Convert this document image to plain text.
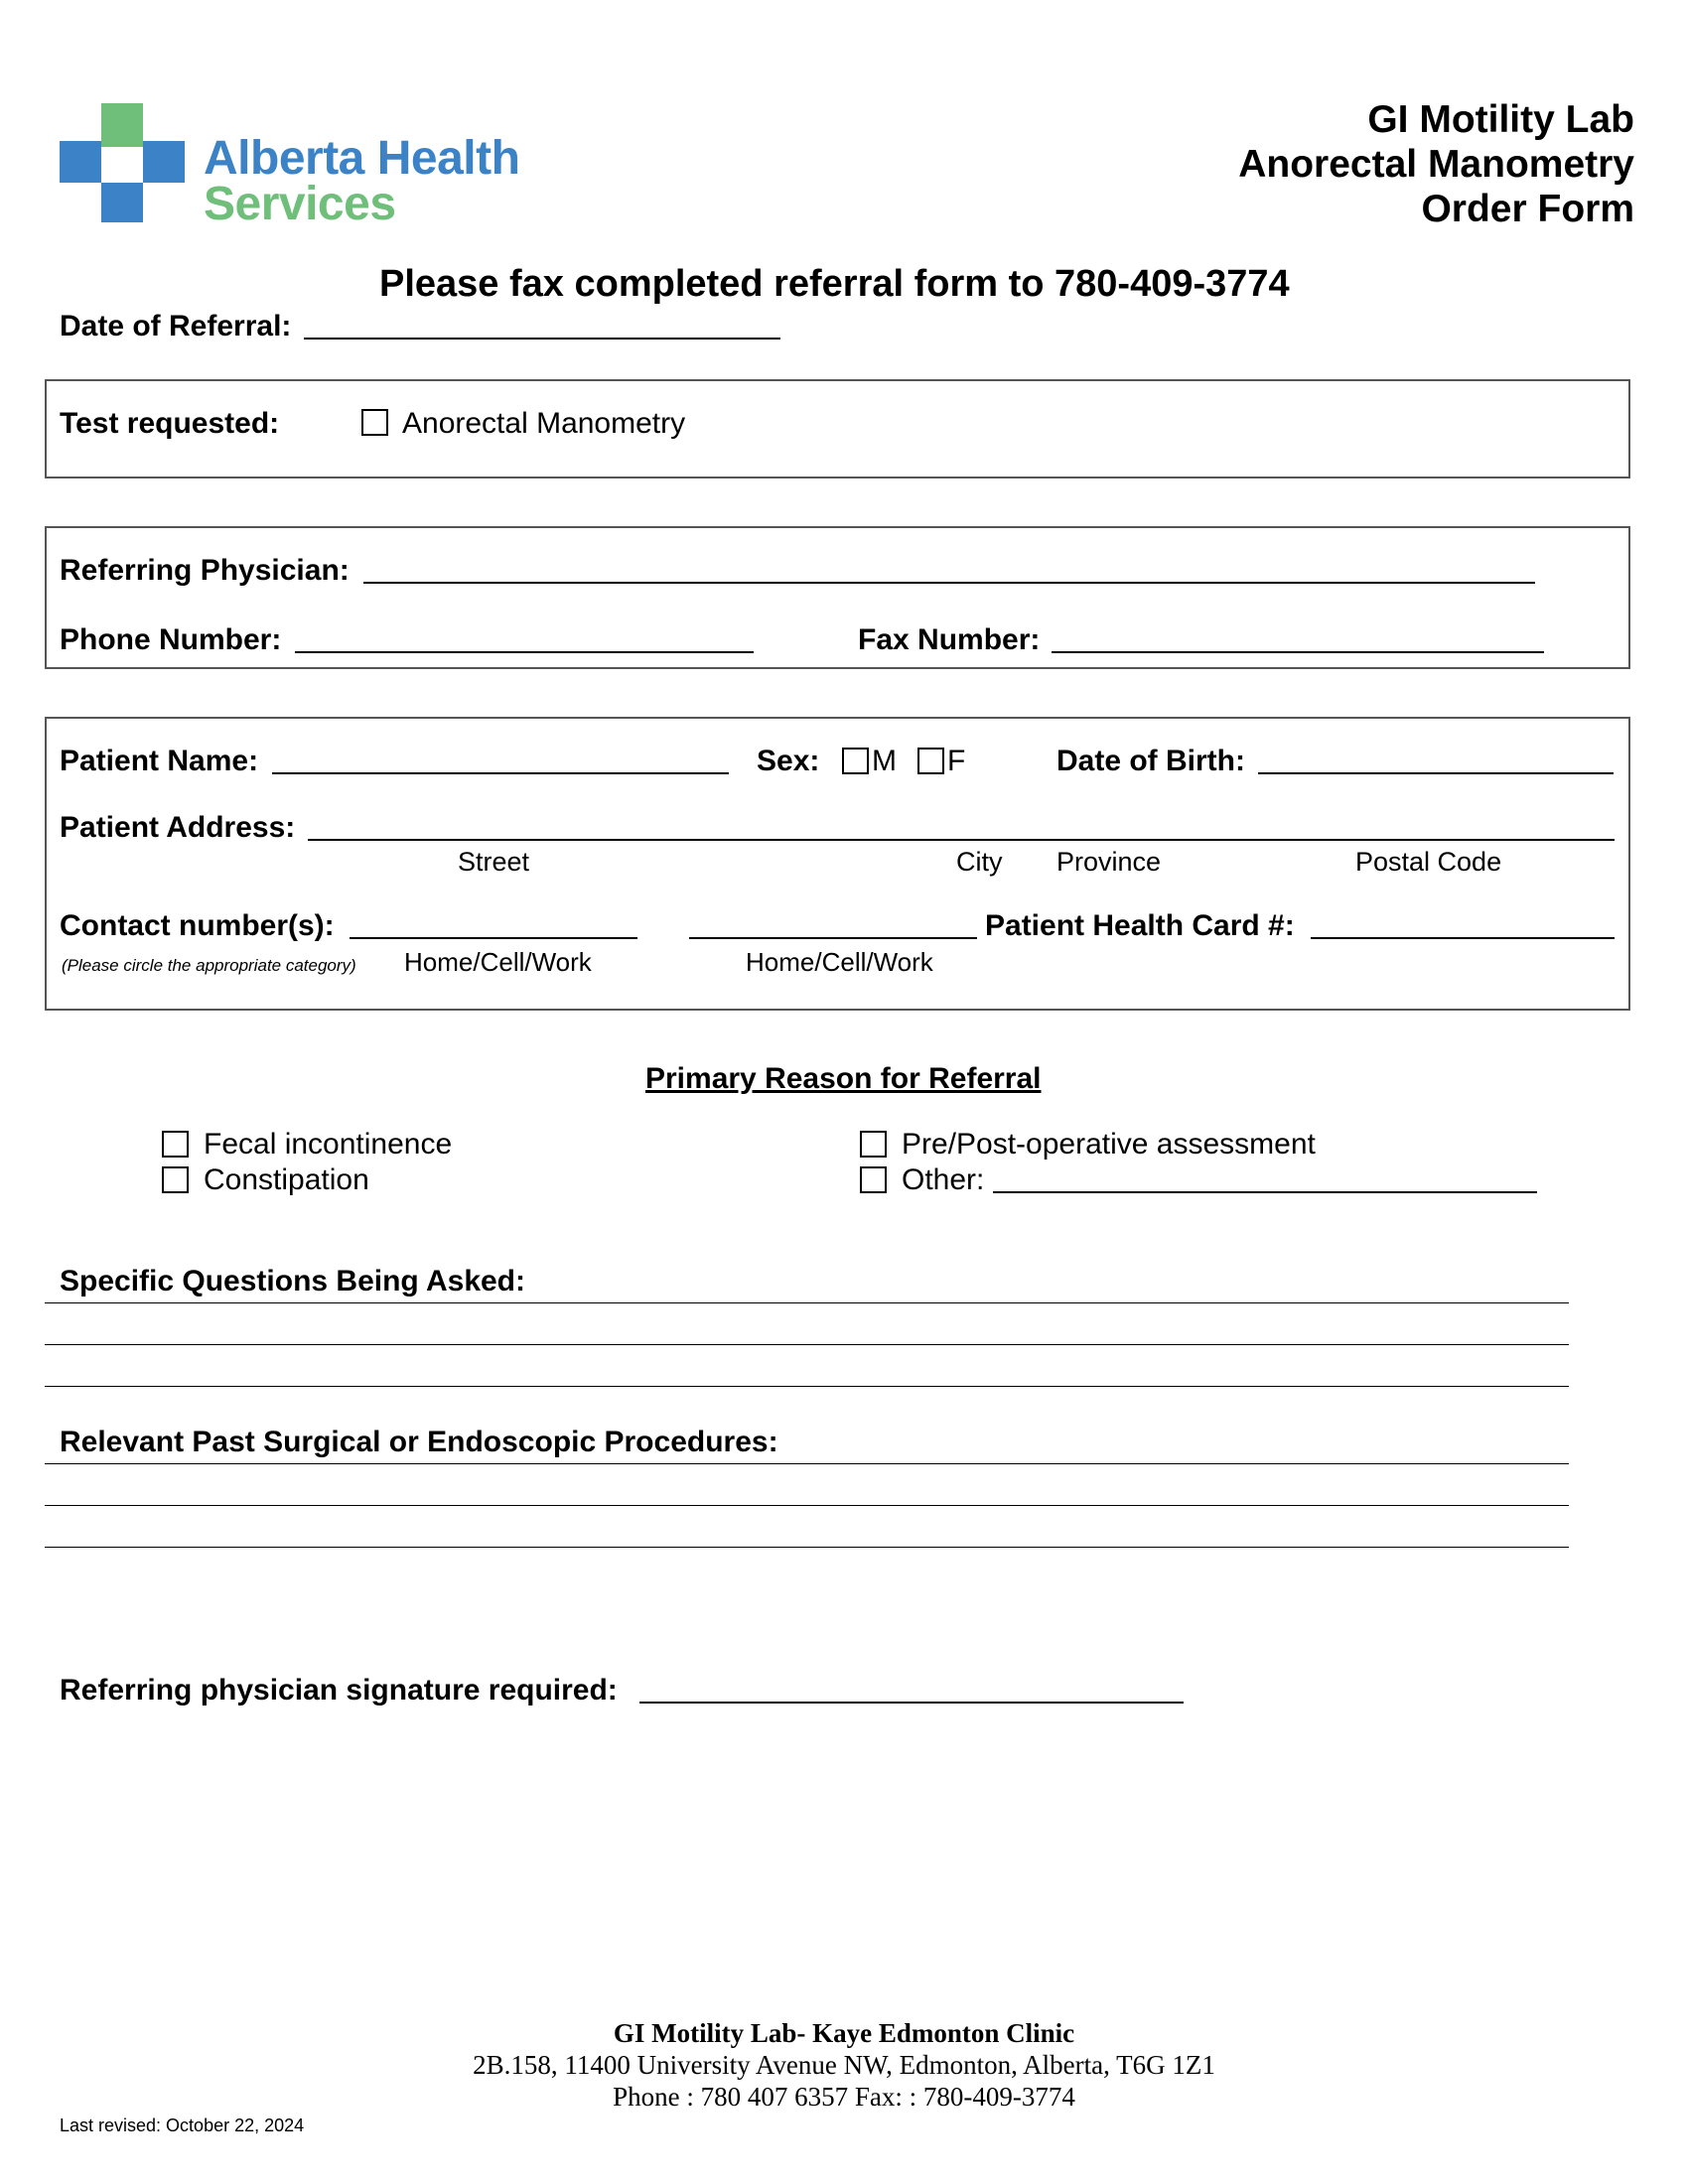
Alberta Health
Services
GI Motility Lab
Anorectal Manometry
Order Form
Please fax completed referral form to 780-409-3774
Date of Referral:
Test requested:	Anorectal Manometry
Referring Physician:
Phone Number:	Fax Number:
Patient Name:	Sex: M F	Date of Birth:
Patient Address:
Street	City Province	Postal Code
Contact number(s):	Patient Health Card #:
(Please circle the appropriate category) Home/Cell/Work	Home/Cell/Work
Primary Reason for Referral
Fecal incontinence
Constipation
Pre/Post-operative assessment
Other:
Specific Questions Being Asked:
Relevant Past Surgical or Endoscopic Procedures:
Referring physician signature required:
GI Motility Lab- Kaye Edmonton Clinic
2B.158, 11400 University Avenue NW, Edmonton, Alberta, T6G 1Z1
Phone : 780 407 6357 Fax: : 780-409-3774
Last revised: October 22, 2024
